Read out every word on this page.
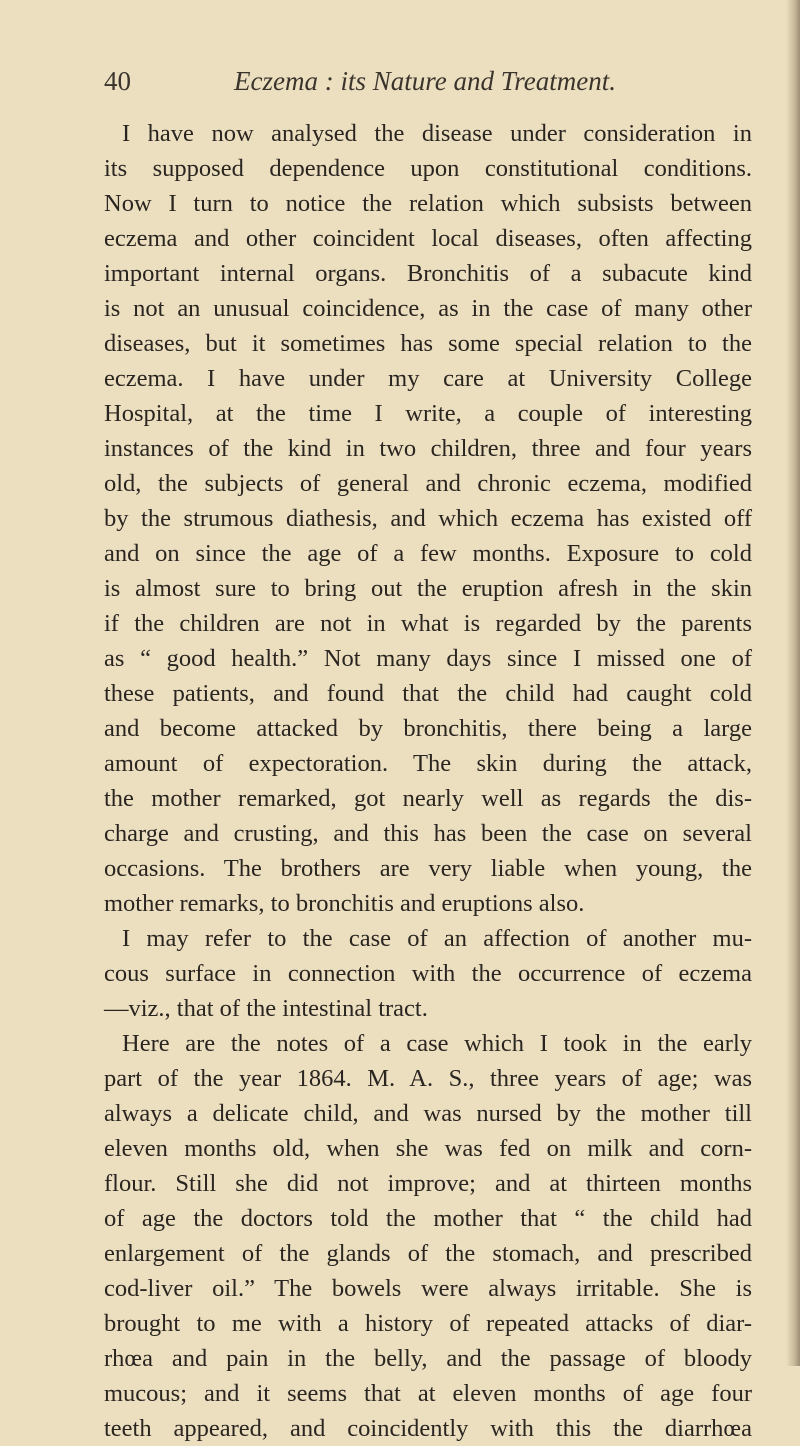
40	Eczema : its Nature and Treatment.
I have now analysed the disease under consideration in
its supposed dependence upon constitutional conditions.
Now I turn to notice the relation which subsists between
eczema and other coincident local diseases, often affecting
important internal organs. Bronchitis of a subacute kind
is not an unusual coincidence, as in the case of many other
diseases, but it sometimes has some special relation to the
eczema. I have under my care at University College
Hospital, at the time I write, a couple of interesting
instances of the kind in two children, three and four years
old, the subjects of general and chronic eczema, modified
by the strumous diathesis, and which eczema has existed off
and on since the age of a few months. Exposure to cold
is almost sure to bring out the eruption afresh in the skin
if the children are not in what is regarded by the parents
as “ good health.” Not many days since I missed one of
these patients, and found that the child had caught cold
and become attacked by bronchitis, there being a large
amount of expectoration. The skin during the attack,
the mother remarked, got nearly well as regards the dis-
charge and crusting, and this has been the case on several
occasions. The brothers are very liable when young, the
mother remarks, to bronchitis and eruptions also.
I may refer to the case of an affection of another mu-
cous surface in connection with the occurrence of eczema
—viz., that of the intestinal tract.
Here are the notes of a case which I took in the early
part of the year 1864. M. A. S., three years of age; was
always a delicate child, and was nursed by the mother till
eleven months old, when she was fed on milk and corn-
flour. Still she did not improve; and at thirteen months
of age the doctors told the mother that “ the child had
enlargement of the glands of the stomach, and prescribed
cod-liver oil.” The bowels were always irritable. She is
brought to me with a history of repeated attacks of diar-
rhœa and pain in the belly, and the passage of bloody
mucous; and it seems that at eleven months of age four
teeth appeared, and coincidently with this the diarrhœa
